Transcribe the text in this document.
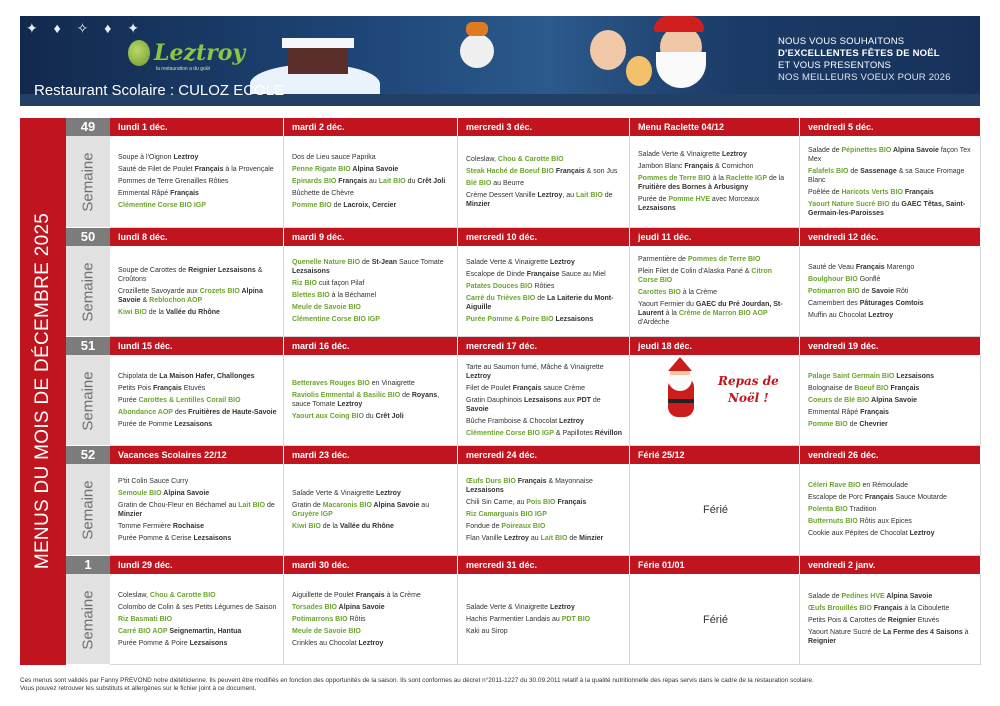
✦ ♦ ✧ ♦ ✦
Leztroy
la restauration a du goût
NOUS VOUS SOUHAITONS
D'EXCELLENTES FÊTES DE NOËL
ET VOUS PRESENTONS
NOS MEILLEURS VOEUX POUR 2026
Restaurant Scolaire : CULOZ ECOLE
MENUS DU MOIS DE DÉCEMBRE 2025
49
Semaine
lundi 1 déc.
Soupe à l'Oignon Leztroy
Sauté de Filet de Poulet Français à la Provençale
Pommes de Terre Grenailles Rôties
Emmental Râpé Français
Clémentine Corse BIO IGP
mardi 2 déc.
Dos de Lieu sauce Paprika
Penne Rigate BIO Alpina Savoie
Epinards BIO Français au Lait BIO du Crêt Joli
Bûchette de Chèvre
Pomme BIO de Lacroix, Cercier
mercredi 3 déc.
Coleslaw, Chou & Carotte BIO
Steak Haché de Boeuf BIO Français & son Jus
Blé BIO au Beurre
Crème Dessert Vanille Leztroy, au Lait BIO de Minzier
Menu Raclette 04/12
Salade Verte & Vinaigrette Leztroy
Jambon Blanc Français & Cornichon
Pommes de Terre BIO à la Raclette IGP de la Fruitière des Bornes à Arbusigny
Purée de Pomme HVE avec Morceaux Lezsaisons
vendredi 5 déc.
Salade de Pépinettes BIO Alpina Savoie façon Tex Mex
Falafels BIO de Sassenage & sa Sauce Fromage Blanc
Poêlée de Haricots Verts BIO Français
Yaourt Nature Sucré BIO du GAEC Têtas, Saint-Germain-les-Paroisses
50
Semaine
lundi 8 déc.
Soupe de Carottes de Reignier Lezsaisons & Croûtons
Crozillette Savoyarde aux Crozets BIO Alpina Savoie & Reblochon AOP
Kiwi BIO de la Vallée du Rhône
mardi 9 déc.
Quenelle Nature BIO de St-Jean Sauce Tomate Lezsaisons
Riz BIO cuit façon Pilaf
Blettes BIO à la Béchamel
Meule de Savoie BIO
Clémentine Corse BIO IGP
mercredi 10 déc.
Salade Verte & Vinaigrette Leztroy
Escalope de Dinde Française Sauce au Miel
Patates Douces BIO Rôties
Carré du Trièves BIO de La Laiterie du Mont-Aiguille
Purée Pomme & Poire BIO Lezsaisons
jeudi 11 déc.
Parmentière de Pommes de Terre BIO
Plein Filet de Colin d'Alaska Pané & Citron Corse BIO
Carottes BIO à la Crème
Yaourt Fermier du GAEC du Pré Jourdan, St-Laurent à la Crème de Marron BIO AOP d'Ardèche
vendredi 12 déc.
Sauté de Veau Français Marengo
Boulghour BIO Gonflé
Potimarron BIO de Savoie Rôti
Camembert des Pâturages Comtois
Muffin au Chocolat Leztroy
51
Semaine
lundi 15 déc.
Chipolata de La Maison Hafer, Challonges
Petits Pois Français Etuvés
Purée Carottes & Lentilles Corail BIO
Abondance AOP des Fruitières de Haute-Savoie
Purée de Pomme Lezsaisons
mardi 16 déc.
Betteraves Rouges BIO en Vinaigrette
Raviolis Emmental & Basilic BIO de Royans, sauce Tomate Leztroy
Yaourt aux Coing BIO du Crêt Joli
mercredi 17 déc.
Tarte au Saumon fumé, Mâche & Vinaigrette Leztroy
Filet de Poulet Français sauce Crème
Gratin Dauphinois Lezsaisons aux PDT de Savoie
Bûche Framboise & Chocolat Leztroy
Clémentine Corse BIO IGP & Papillotes Révillon
jeudi 18 déc.
Repas de
Noël !
vendredi 19 déc.
Palage Saint Germain BIO Lezsaisons
Bolognaise de Boeuf BIO Français
Coeurs de Blé BIO Alpina Savoie
Emmental Râpé Français
Pomme BIO de Chevrier
52
Semaine
Vacances Scolaires 22/12
P'tit Colin Sauce Curry
Semoule BIO Alpina Savoie
Gratin de Chou-Fleur en Béchamel au Lait BIO de Minzier
Tomme Fermière Rochaise
Purée Pomme & Cerise Lezsaisons
mardi 23 déc.
Salade Verte & Vinaigrette Leztroy
Gratin de Macaronis BIO Alpina Savoie au Gruyère IGP
Kiwi BIO de la Vallée du Rhône
mercredi 24 déc.
Œufs Durs BIO Français & Mayonnaise Lezsaisons
Chili Sin Carne, au Pois BIO Français
Riz Camarguais BIO IGP
Fondue de Poireaux BIO
Flan Vanille Leztroy au Lait BIO de Minzier
Férié 25/12
Férié
vendredi 26 déc.
Céleri Rave BIO en Rémoulade
Escalope de Porc Français Sauce Moutarde
Polenta BIO Tradition
Butternuts BIO Rôtis aux Epices
Cookie aux Pépites de Chocolat Leztroy
1
Semaine
lundi 29 déc.
Coleslaw, Chou & Carotte BIO
Colombo de Colin & ses Petits Légumes de Saison
Riz Basmati BIO
Carré BIO AOP Seignemartin, Hantua
Purée Pomme & Poire Lezsaisons
mardi 30 déc.
Aiguillette de Poulet Français à la Crème
Torsades BIO Alpina Savoie
Potimarrons BIO Rôtis
Meule de Savoie BIO
Crinkles au Chocolat Leztroy
mercredi 31 déc.
Salade Verte & Vinaigrette Leztroy
Hachis Parmentier Landais au PDT BIO
Kaki au Sirop
Férie 01/01
Férié
vendredi 2 janv.
Salade de Pedines HVE Alpina Savoie
Œufs Brouillés BIO Français à la Ciboulette
Petits Pois & Carottes de Reignier Etuvés
Yaourt Nature Sucré de La Ferme des 4 Saisons à Reignier
Ces menus sont validés par Fanny PREVOND notre diététicienne. Ils peuvent être modifiés en fonction des opportunités de la saison. Ils sont conformes au décret n°2011-1227 du 30.09.2011 relatif à la qualité nutritionnelle des repas servis dans le cadre de la restauration scolaire.
Vous pouvez retrouver les substituts et allergènes sur le fichier joint à ce document.
